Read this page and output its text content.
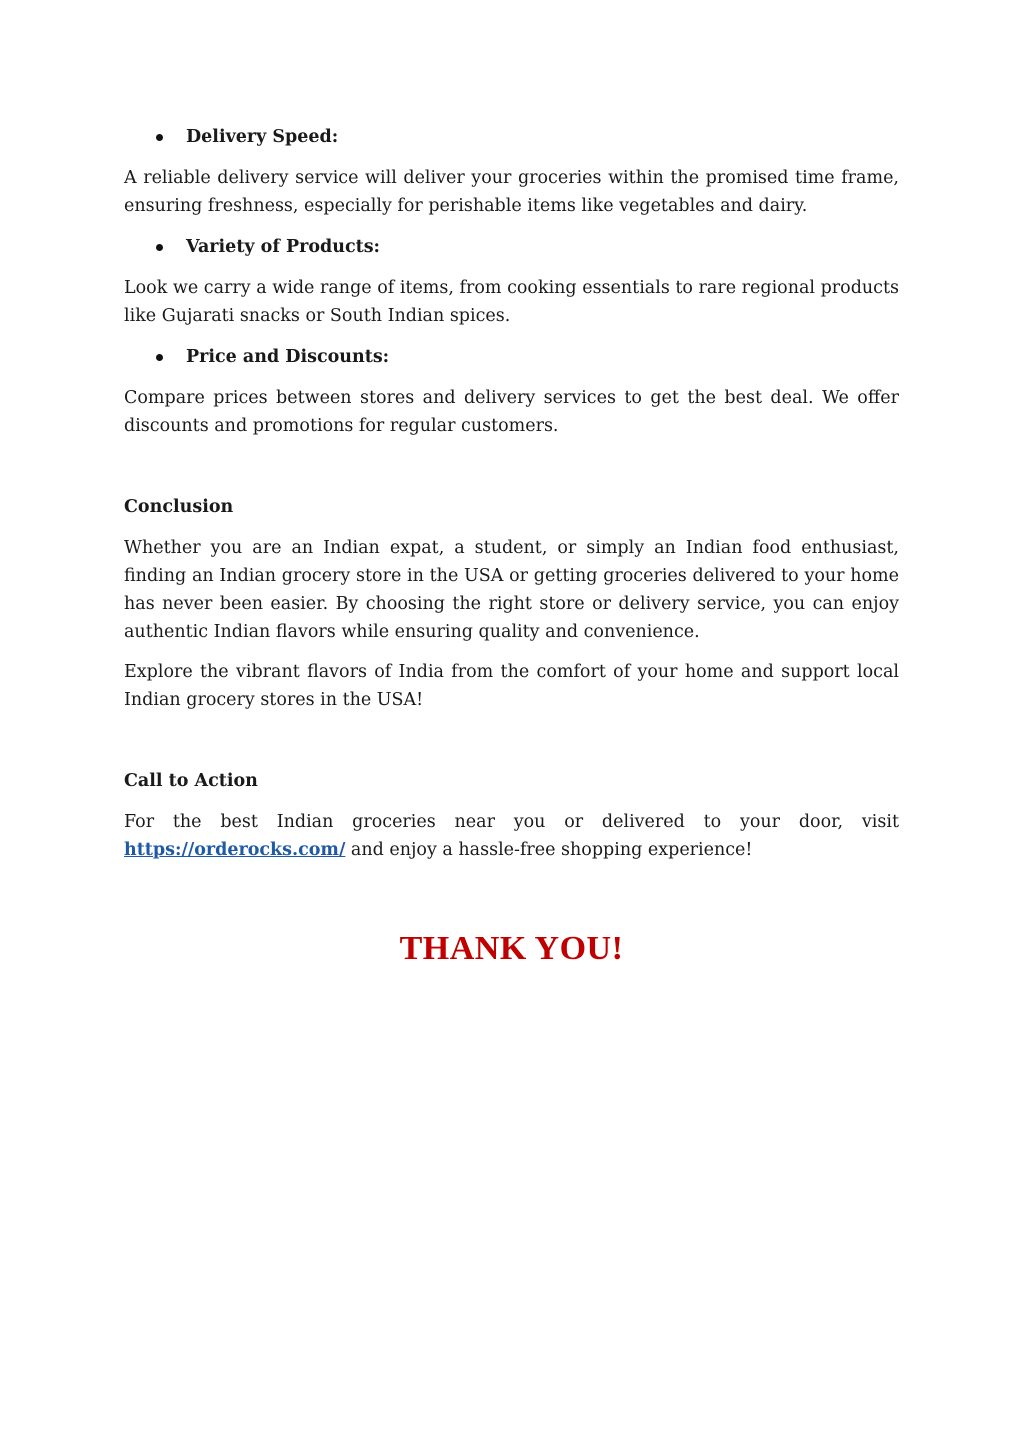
Delivery Speed:

A reliable delivery service will deliver your groceries within the promised time frame, ensuring freshness, especially for perishable items like vegetables and dairy.

Variety of Products:

Look we carry a wide range of items, from cooking essentials to rare regional products like Gujarati snacks or South Indian spices.

Price and Discounts:

Compare prices between stores and delivery services to get the best deal. We offer discounts and promotions for regular customers.

Conclusion

Whether you are an Indian expat, a student, or simply an Indian food enthusiast, finding an Indian grocery store in the USA or getting groceries delivered to your home has never been easier. By choosing the right store or delivery service, you can enjoy authentic Indian flavors while ensuring quality and convenience.

Explore the vibrant flavors of India from the comfort of your home and support local Indian grocery stores in the USA!

Call to Action

For the best Indian groceries near you or delivered to your door, visit https://orderocks.com/ and enjoy a hassle-free shopping experience!

THANK YOU!
